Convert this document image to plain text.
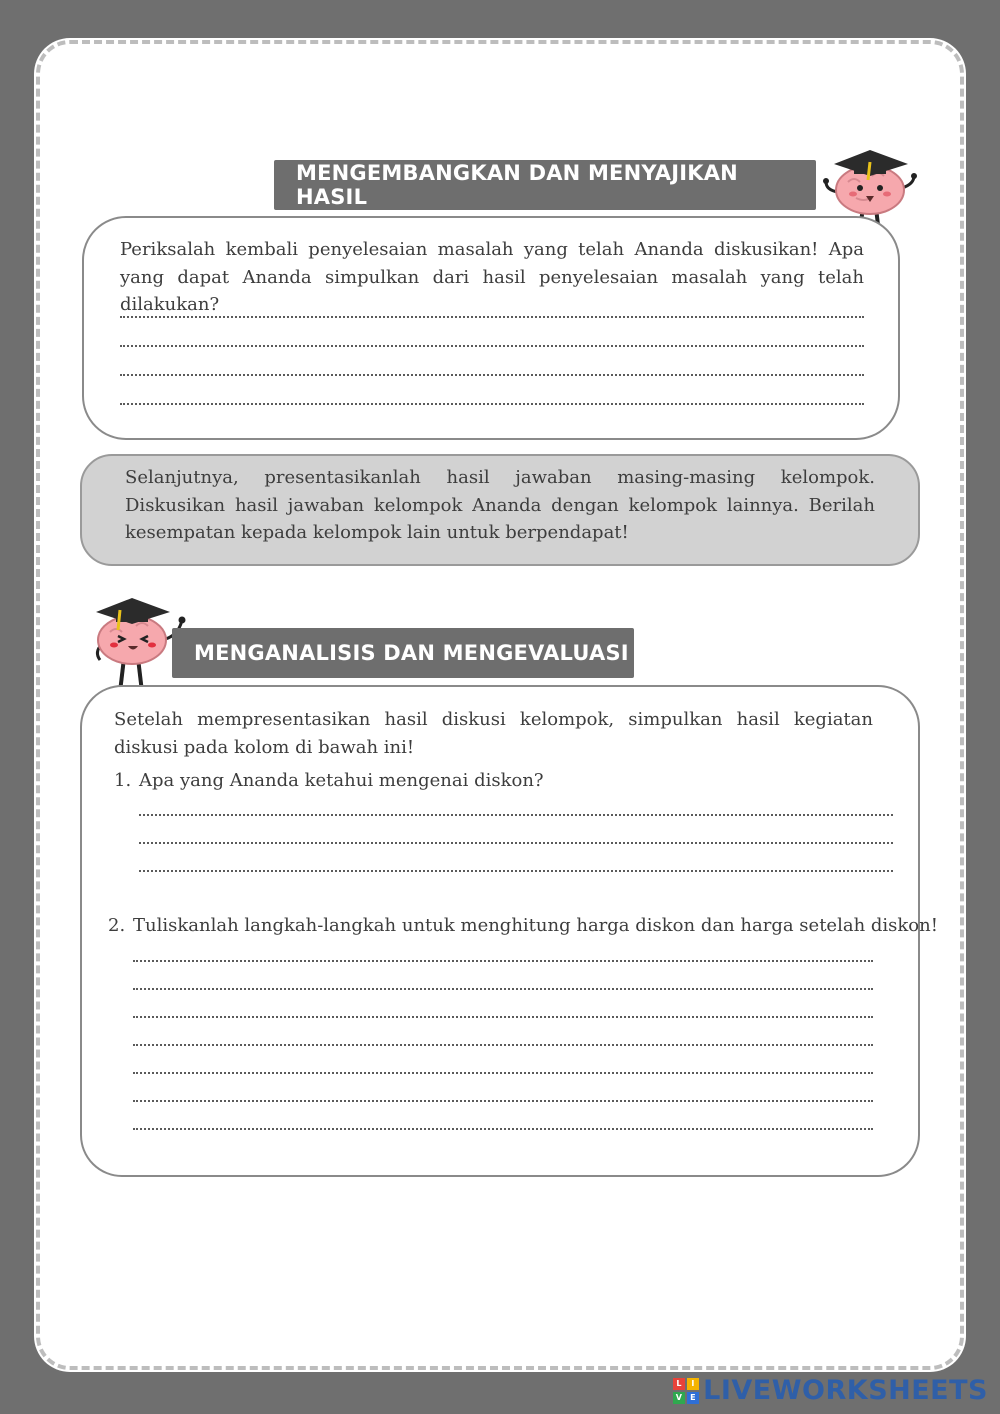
MENGEMBANGKAN DAN MENYAJIKAN HASIL
Periksalah kembali penyelesaian masalah yang telah Ananda diskusikan! Apa yang dapat Ananda simpulkan dari hasil penyelesaian masalah yang telah dilakukan?
Selanjutnya, presentasikanlah hasil jawaban masing-masing kelompok. Diskusikan hasil jawaban kelompok Ananda dengan kelompok lainnya. Berilah kesempatan kepada kelompok lain untuk berpendapat!
MENGANALISIS DAN MENGEVALUASI
Setelah mempresentasikan hasil diskusi kelompok, simpulkan hasil kegiatan diskusi pada kolom di bawah ini!
1. Apa yang Ananda ketahui mengenai diskon?
2. Tuliskanlah langkah-langkah untuk menghitung harga diskon dan harga setelah diskon!
L	I
V E LIVEWORKSHEETS
